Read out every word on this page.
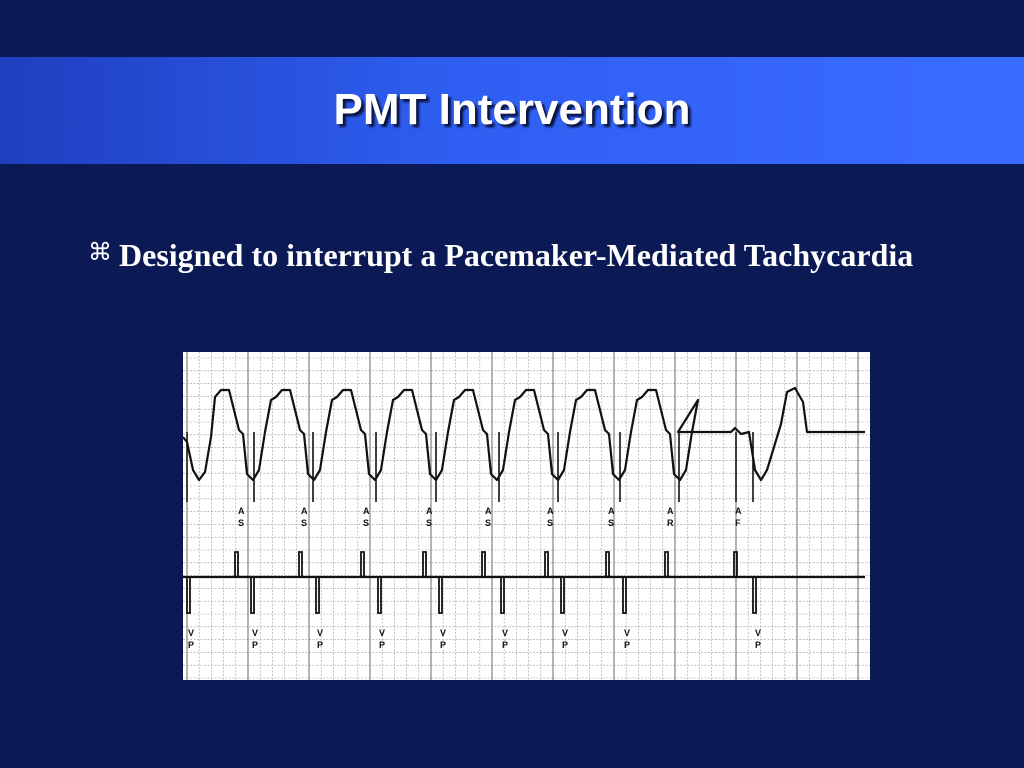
PMT Intervention
⌘ Designed to interrupt a Pacemaker-Mediated Tachycardia
A
S
A
S
A
S
A
S
A
S
A
S
A
S
A
R
A
F
V
P
V
P
V
P
V
P
V
P
V
P
V
P
V
P
V
P
